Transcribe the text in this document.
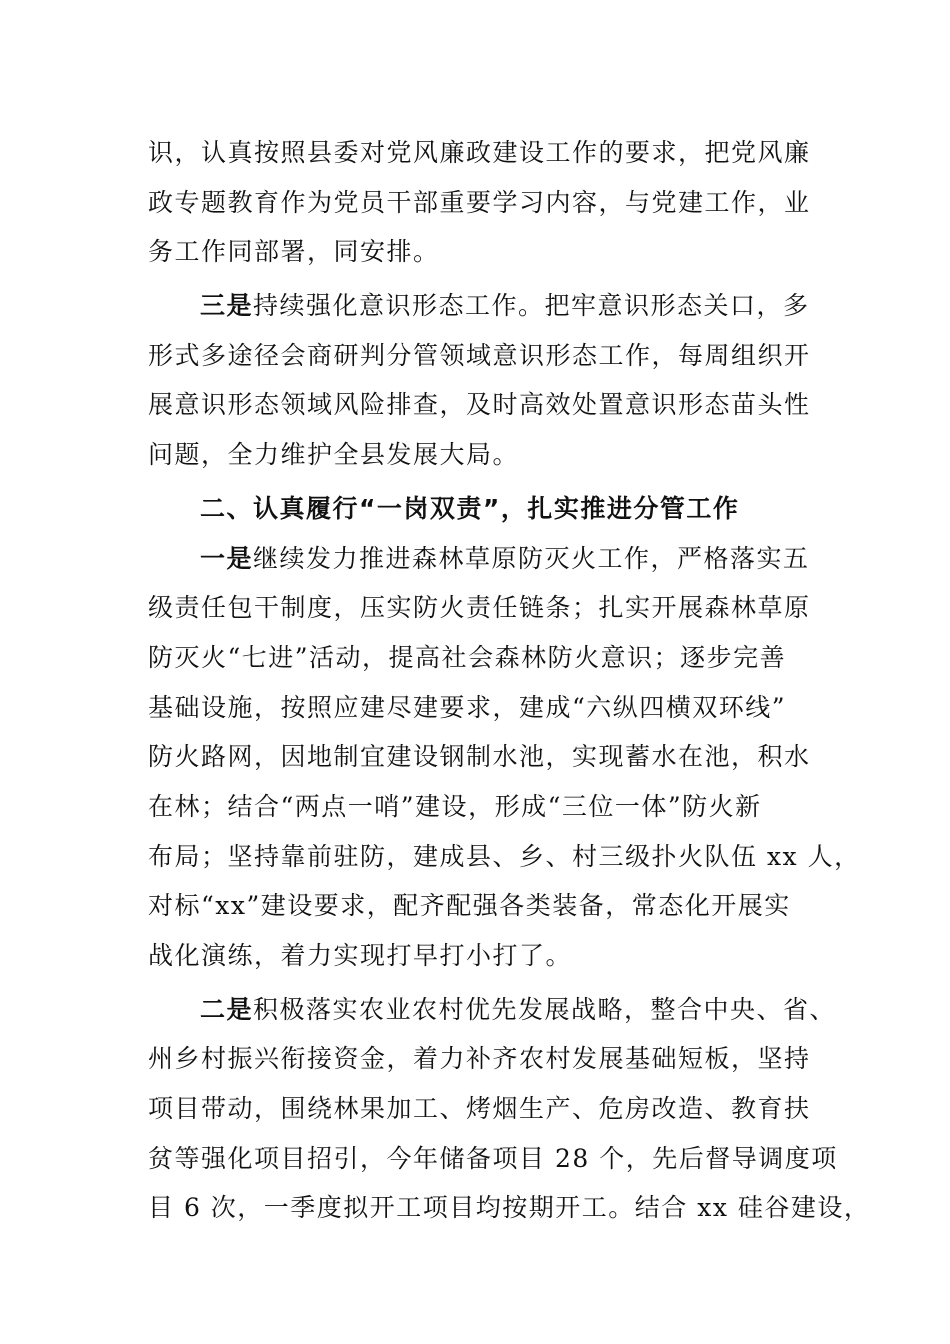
识，认真按照县委对党风廉政建设工作的要求，把党风廉
政专题教育作为党员干部重要学习内容，与党建工作，业
务工作同部署，同安排。
三是持续强化意识形态工作。把牢意识形态关口，多
形式多途径会商研判分管领域意识形态工作，每周组织开
展意识形态领域风险排查，及时高效处置意识形态苗头性
问题，全力维护全县发展大局。
二、认真履行“一岗双责”，扎实推进分管工作
一是继续发力推进森林草原防灭火工作，严格落实五
级责任包干制度，压实防火责任链条；扎实开展森林草原
防灭火“七进”活动，提高社会森林防火意识；逐步完善
基础设施，按照应建尽建要求，建成“六纵四横双环线”
防火路网，因地制宜建设钢制水池，实现蓄水在池，积水
在林；结合“两点一哨”建设，形成“三位一体”防火新
布局；坚持靠前驻防，建成县、乡、村三级扑火队伍 xx 人，
对标“xx”建设要求，配齐配强各类装备，常态化开展实
战化演练，着力实现打早打小打了。
二是积极落实农业农村优先发展战略，整合中央、省、
州乡村振兴衔接资金，着力补齐农村发展基础短板，坚持
项目带动，围绕林果加工、烤烟生产、危房改造、教育扶
贫等强化项目招引，今年储备项目 28 个，先后督导调度项
目 6 次，一季度拟开工项目均按期开工。结合 xx 硅谷建设，
